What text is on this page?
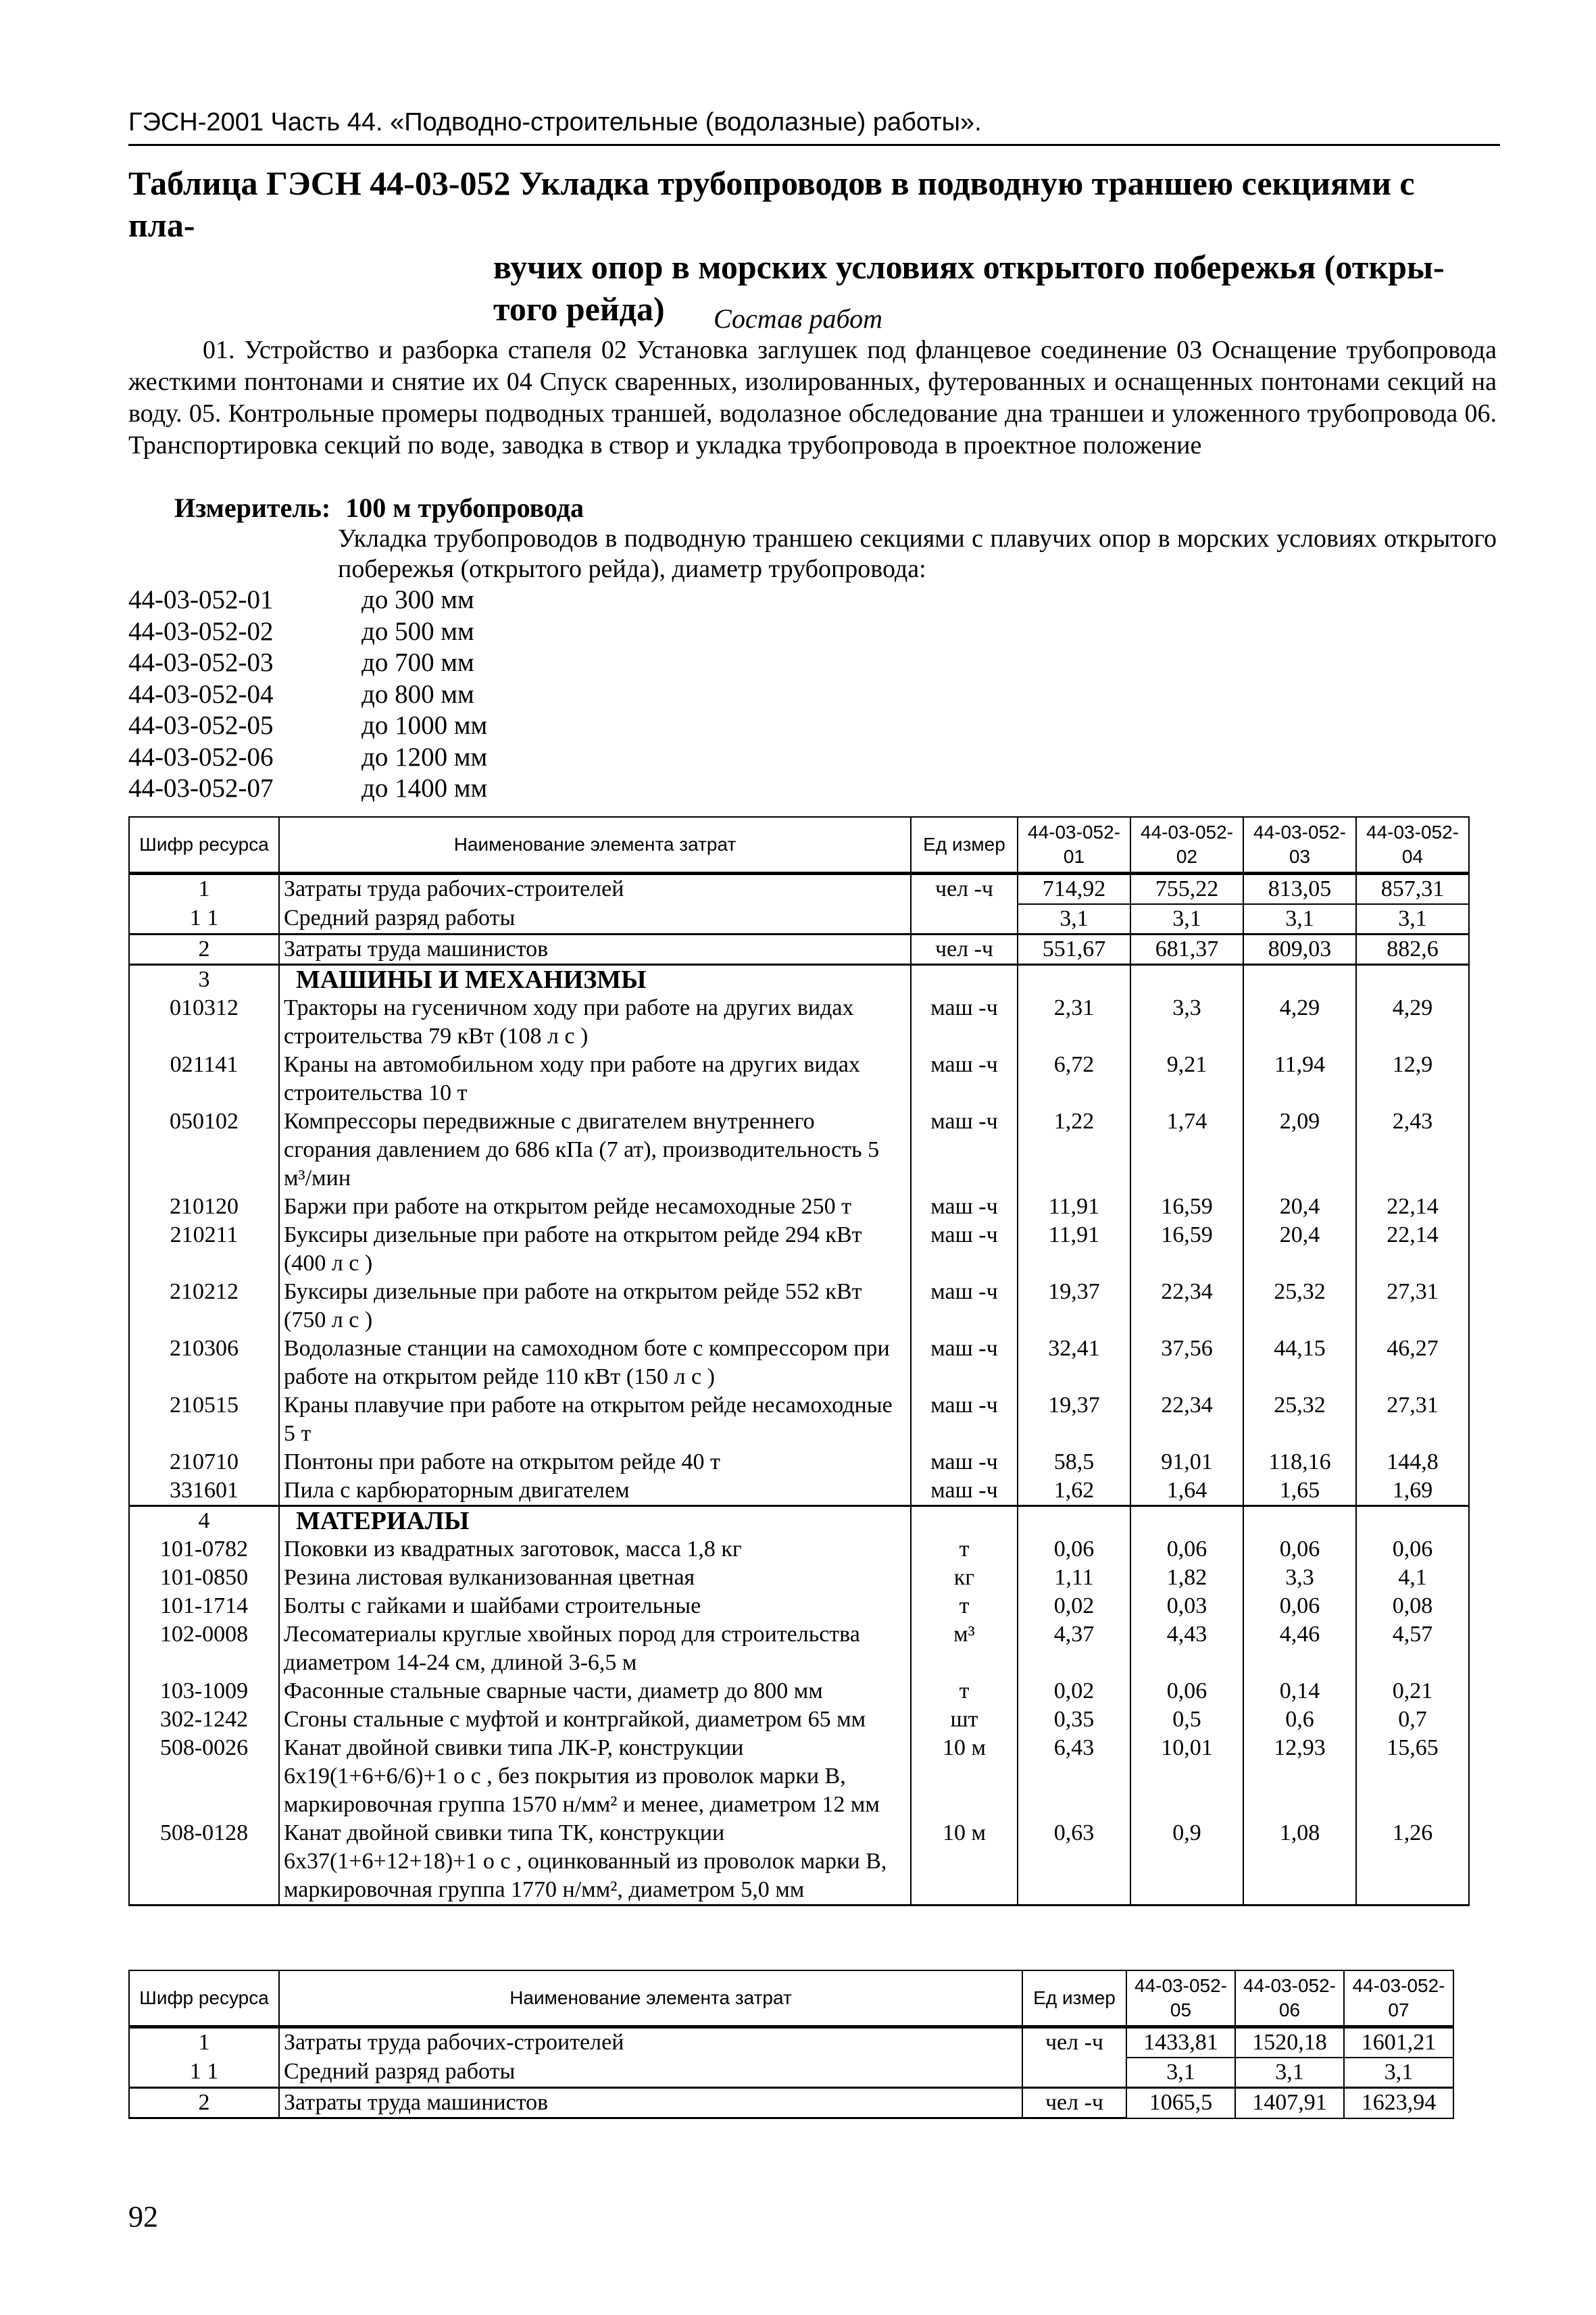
ГЭСН-2001 Часть 44. «Подводно-строительные (водолазные) работы».
Таблица ГЭСН 44-03-052 Укладка трубопроводов в подводную траншею секциями с пла-
вучих опор в морских условиях открытого побережья (откры-того рейда)	Состав работ
01. Устройство и разборка стапеля 02 Установка заглушек под фланцевое соединение 03 Оснащение трубопровода жесткими понтонами и снятие их 04 Спуск сваренных, изолированных, футерованных и оснащенных понтонами секций на воду. 05. Контрольные промеры подводных траншей, водолазное обследование дна траншеи и уложенного трубопровода 06. Транспортировка секций по воде, заводка в створ и укладка трубопровода в проектное положение
Измеритель: 100 м трубопровода
Укладка трубопроводов в подводную траншею секциями с плавучих опор в морских условиях открытого побережья (открытого рейда), диаметр трубопровода:
44-03-052-01	до 300 мм
44-03-052-02	до 500 мм
44-03-052-03	до 700 мм
44-03-052-04	до 800 мм
44-03-052-05	до 1000 мм
44-03-052-06	до 1200 мм
44-03-052-07	до 1400 мм
Шифр ресурса	Наименование элемента затрат	Ед измер	44-03-052-01	44-03-052-02	44-03-052-03	44-03-052-04
1	Затраты труда рабочих-строителей	чел -ч	714,92	755,22	813,05	857,31
1 1	Средний разряд работы		3,1	3,1	3,1	3,1
2	Затраты труда машинистов	чел -ч	551,67	681,37	809,03	882,6
3	МАШИНЫ И МЕХАНИЗМЫ					
010312	Тракторы на гусеничном ходу при работе на других видах строительства 79 кВт (108 л с )	маш -ч	2,31	3,3	4,29	4,29
021141	Краны на автомобильном ходу при работе на других видах строительства 10 т	маш -ч	6,72	9,21	11,94	12,9
050102	Компрессоры передвижные с двигателем внутреннего сгорания давлением до 686 кПа (7 ат), производительность 5 м³/мин	маш -ч	1,22	1,74	2,09	2,43
210120	Баржи при работе на открытом рейде несамоходные 250 т	маш -ч	11,91	16,59	20,4	22,14
210211	Буксиры дизельные при работе на открытом рейде 294 кВт (400 л с )	маш -ч	11,91	16,59	20,4	22,14
210212	Буксиры дизельные при работе на открытом рейде 552 кВт (750 л с )	маш -ч	19,37	22,34	25,32	27,31
210306	Водолазные станции на самоходном боте с компрессором при работе на открытом рейде 110 кВт (150 л с )	маш -ч	32,41	37,56	44,15	46,27
210515	Краны плавучие при работе на открытом рейде несамоходные 5 т	маш -ч	19,37	22,34	25,32	27,31
210710	Понтоны при работе на открытом рейде 40 т	маш -ч	58,5	91,01	118,16	144,8
331601	Пила с карбюраторным двигателем	маш -ч	1,62	1,64	1,65	1,69
4	МАТЕРИАЛЫ					
101-0782	Поковки из квадратных заготовок, масса 1,8 кг	т	0,06	0,06	0,06	0,06
101-0850	Резина листовая вулканизованная цветная	кг	1,11	1,82	3,3	4,1
101-1714	Болты с гайками и шайбами строительные	т	0,02	0,03	0,06	0,08
102-0008	Лесоматериалы круглые хвойных пород для строительства диаметром 14-24 см, длиной 3-6,5 м	м³	4,37	4,43	4,46	4,57
103-1009	Фасонные стальные сварные части, диаметр до 800 мм	т	0,02	0,06	0,14	0,21
302-1242	Сгоны стальные с муфтой и контргайкой, диаметром 65 мм	шт	0,35	0,5	0,6	0,7
508-0026	Канат двойной свивки типа ЛК-Р, конструкции 6х19(1+6+6/6)+1 о с , без покрытия из проволок марки В, маркировочная группа 1570 н/мм² и менее, диаметром 12 мм	10 м	6,43	10,01	12,93	15,65
508-0128	Канат двойной свивки типа ТК, конструкции 6х37(1+6+12+18)+1 о с , оцинкованный из проволок марки В, маркировочная группа 1770 н/мм², диаметром 5,0 мм	10 м	0,63	0,9	1,08	1,26
Шифр ресурса	Наименование элемента затрат	Ед измер	44-03-052-05	44-03-052-06	44-03-052-07
1	Затраты труда рабочих-строителей	чел -ч	1433,81	1520,18	1601,21
1 1	Средний разряд работы		3,1	3,1	3,1
2	Затраты труда машинистов	чел -ч	1065,5	1407,91	1623,94
92
